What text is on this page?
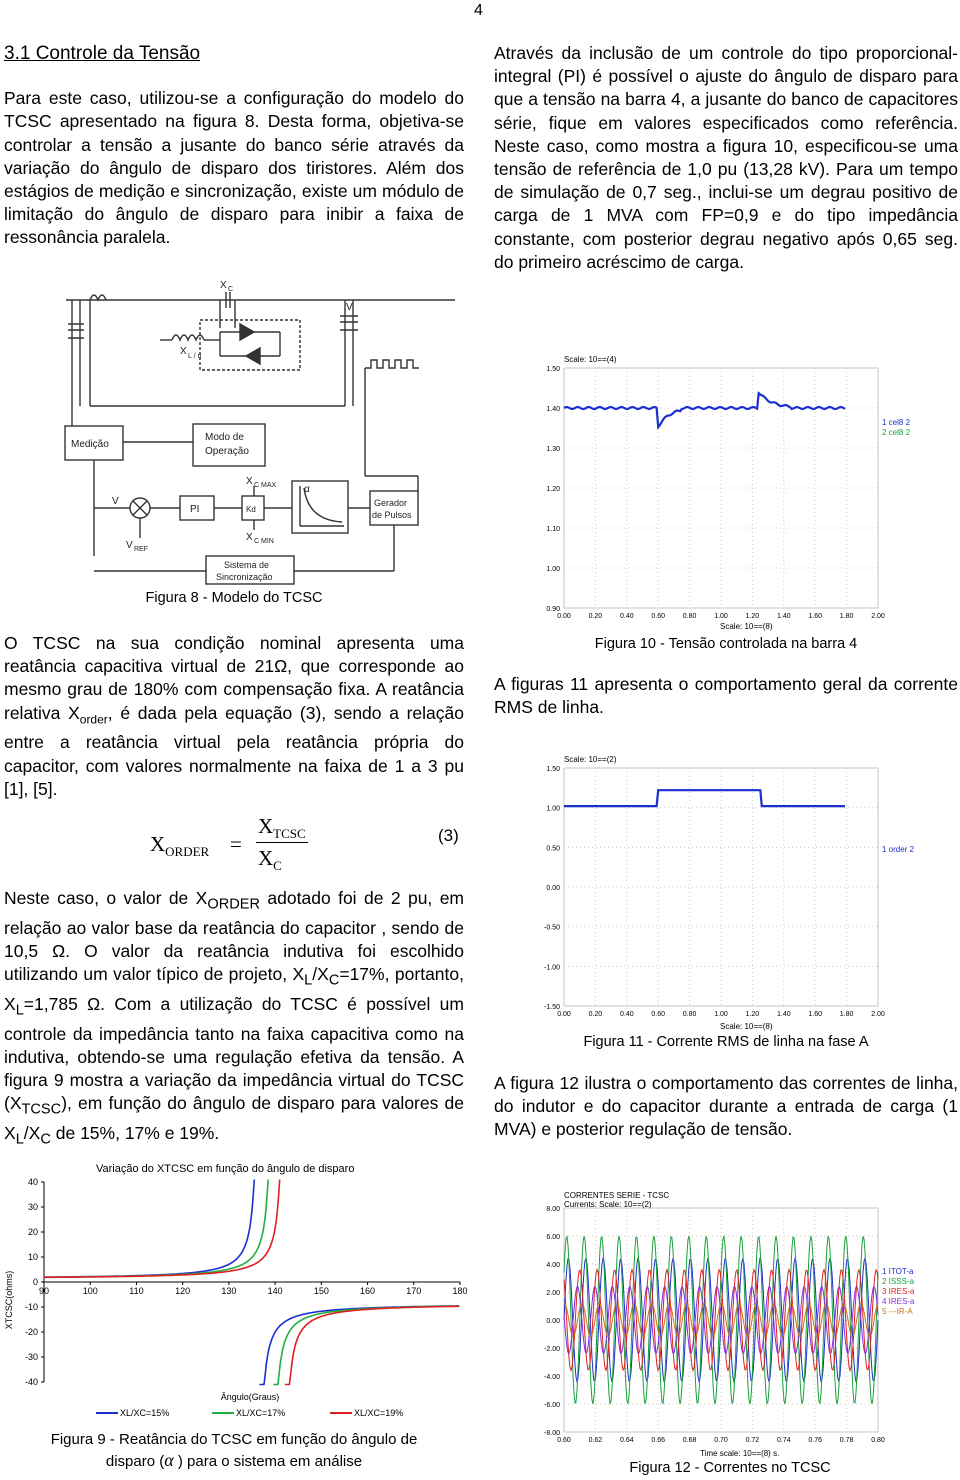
4

3.1 Controle da Tensão

Para este caso, utilizou-se a configuração do modelo do TCSC apresentado na figura 8. Desta forma, objetiva-se controlar a tensão a jusante do banco série através da variação do ângulo de disparo dos tiristores. Além dos estágios de medição e sincronização, existe um módulo de limitação do ângulo de disparo para inibir a faixa de ressonância paralela.

X C
X L / n
V
Medição
Modo de
Operação
X C MAX
X C MIN
V
V REF
PI	Kd
α
Gerador
de Pulsos
Sistema de
Sincronização
Figura 8 - Modelo do TCSC
O TCSC na sua condição nominal apresenta uma reatância capacitiva virtual de 21Ω, que corresponde ao mesmo grau de 180% com compensação fixa. A reatância relativa $X_{order}$, é dada pela equação (3), sendo a relação entre a reatância virtual pela reatância própria do capacitor, com valores normalmente na faixa de 1 a 3 pu [1], [5].
$X_{ORDER}$ =
$X_{TCSC}$
$X_C$
(3)
Neste caso, o valor de $X_{ORDER}$ adotado foi de 2 pu, em relação ao valor base da reatância do capacitor , sendo de 10,5 Ω. O valor da reatância indutiva foi escolhido utilizando um valor típico de projeto, $X_L/X_C=17\%$, portanto, $X_L=1,785$ Ω. Com a utilização do TCSC é possível um controle da impedância tanto na faixa capacitiva como na indutiva, obtendo-se uma regulação efetiva da tensão. A figura 9 mostra a variação da impedância virtual do TCSC $(X_{TCSC})$, em função do ângulo de disparo para valores de $X_L/X_C$ de 15%, 17% e 19%.
Variação do XTCSC em função do ângulo de disparo
40
30
20
10
0
-10
-20
-30
-40
90	100	110	120	130	140	150	160	170	180
XTCSC(ohms)
Ângulo(Graus)
XL/XC=15%	XL/XC=17%	XL/XC=19%
Figura 9 - Reatância do TCSC em função do ângulo de
disparo (α ) para o sistema em análise
Através da inclusão de um controle do tipo proporcional-integral (PI) é possível o ajuste do ângulo de disparo para que a tensão na barra 4, a jusante do banco de capacitores série, fique em valores especificados como referência. Neste caso, como mostra a figura 10, especificou-se uma tensão de referência de 1,0 pu (13,28 kV). Para um tempo de simulação de 0,7 seg., inclui-se um degrau positivo de carga de 1 MVA com FP=0,9 e do tipo impedância constante, com posterior degrau negativo após 0,65 seg. do primeiro acréscimo de carga.
1.50
1.40
1.30
1.20
1.10
1.00
0.90
0.00	0.20	0.40	0.60	0.80	1.00	1.20	1.40	1.60	1.80	2.00
Scale: 10==(4)
Scale: 10==(8)
1 cel8 2
2 cel8 2
Figura 10 - Tensão controlada na barra 4
A figuras 11 apresenta o comportamento geral da corrente RMS de linha.
1.50
1.00
0.50
0.00
-0.50
-1.00
-1.50
0.00	0.20	0.40	0.60	0.80	1.00	1.20	1.40	1.60	1.80	2.00
Scale: 10==(2)
Scale: 10==(8)
1 order 2
Figura 11 - Corrente RMS de linha na fase A
A figura 12 ilustra o comportamento das correntes de linha, do indutor e do capacitor durante a entrada de carga (1 MVA) e posterior regulação de tensão.
8.00
6.00
4.00
2.00
0.00
-2.00
-4.00
-6.00
-8.00
0.60	0.62	0.64	0.66	0.68	0.70	0.72	0.74	0.76	0.78	0.80
CORRENTES SERIE - TCSC
Currents: Scale: 10==(2)
Time scale: 10==(8) s.
1 ITOT-a
2 ISSS-a
3 IRES-a
4 IRES-a
5 ---IR-A
Figura 12 - Correntes no TCSC
